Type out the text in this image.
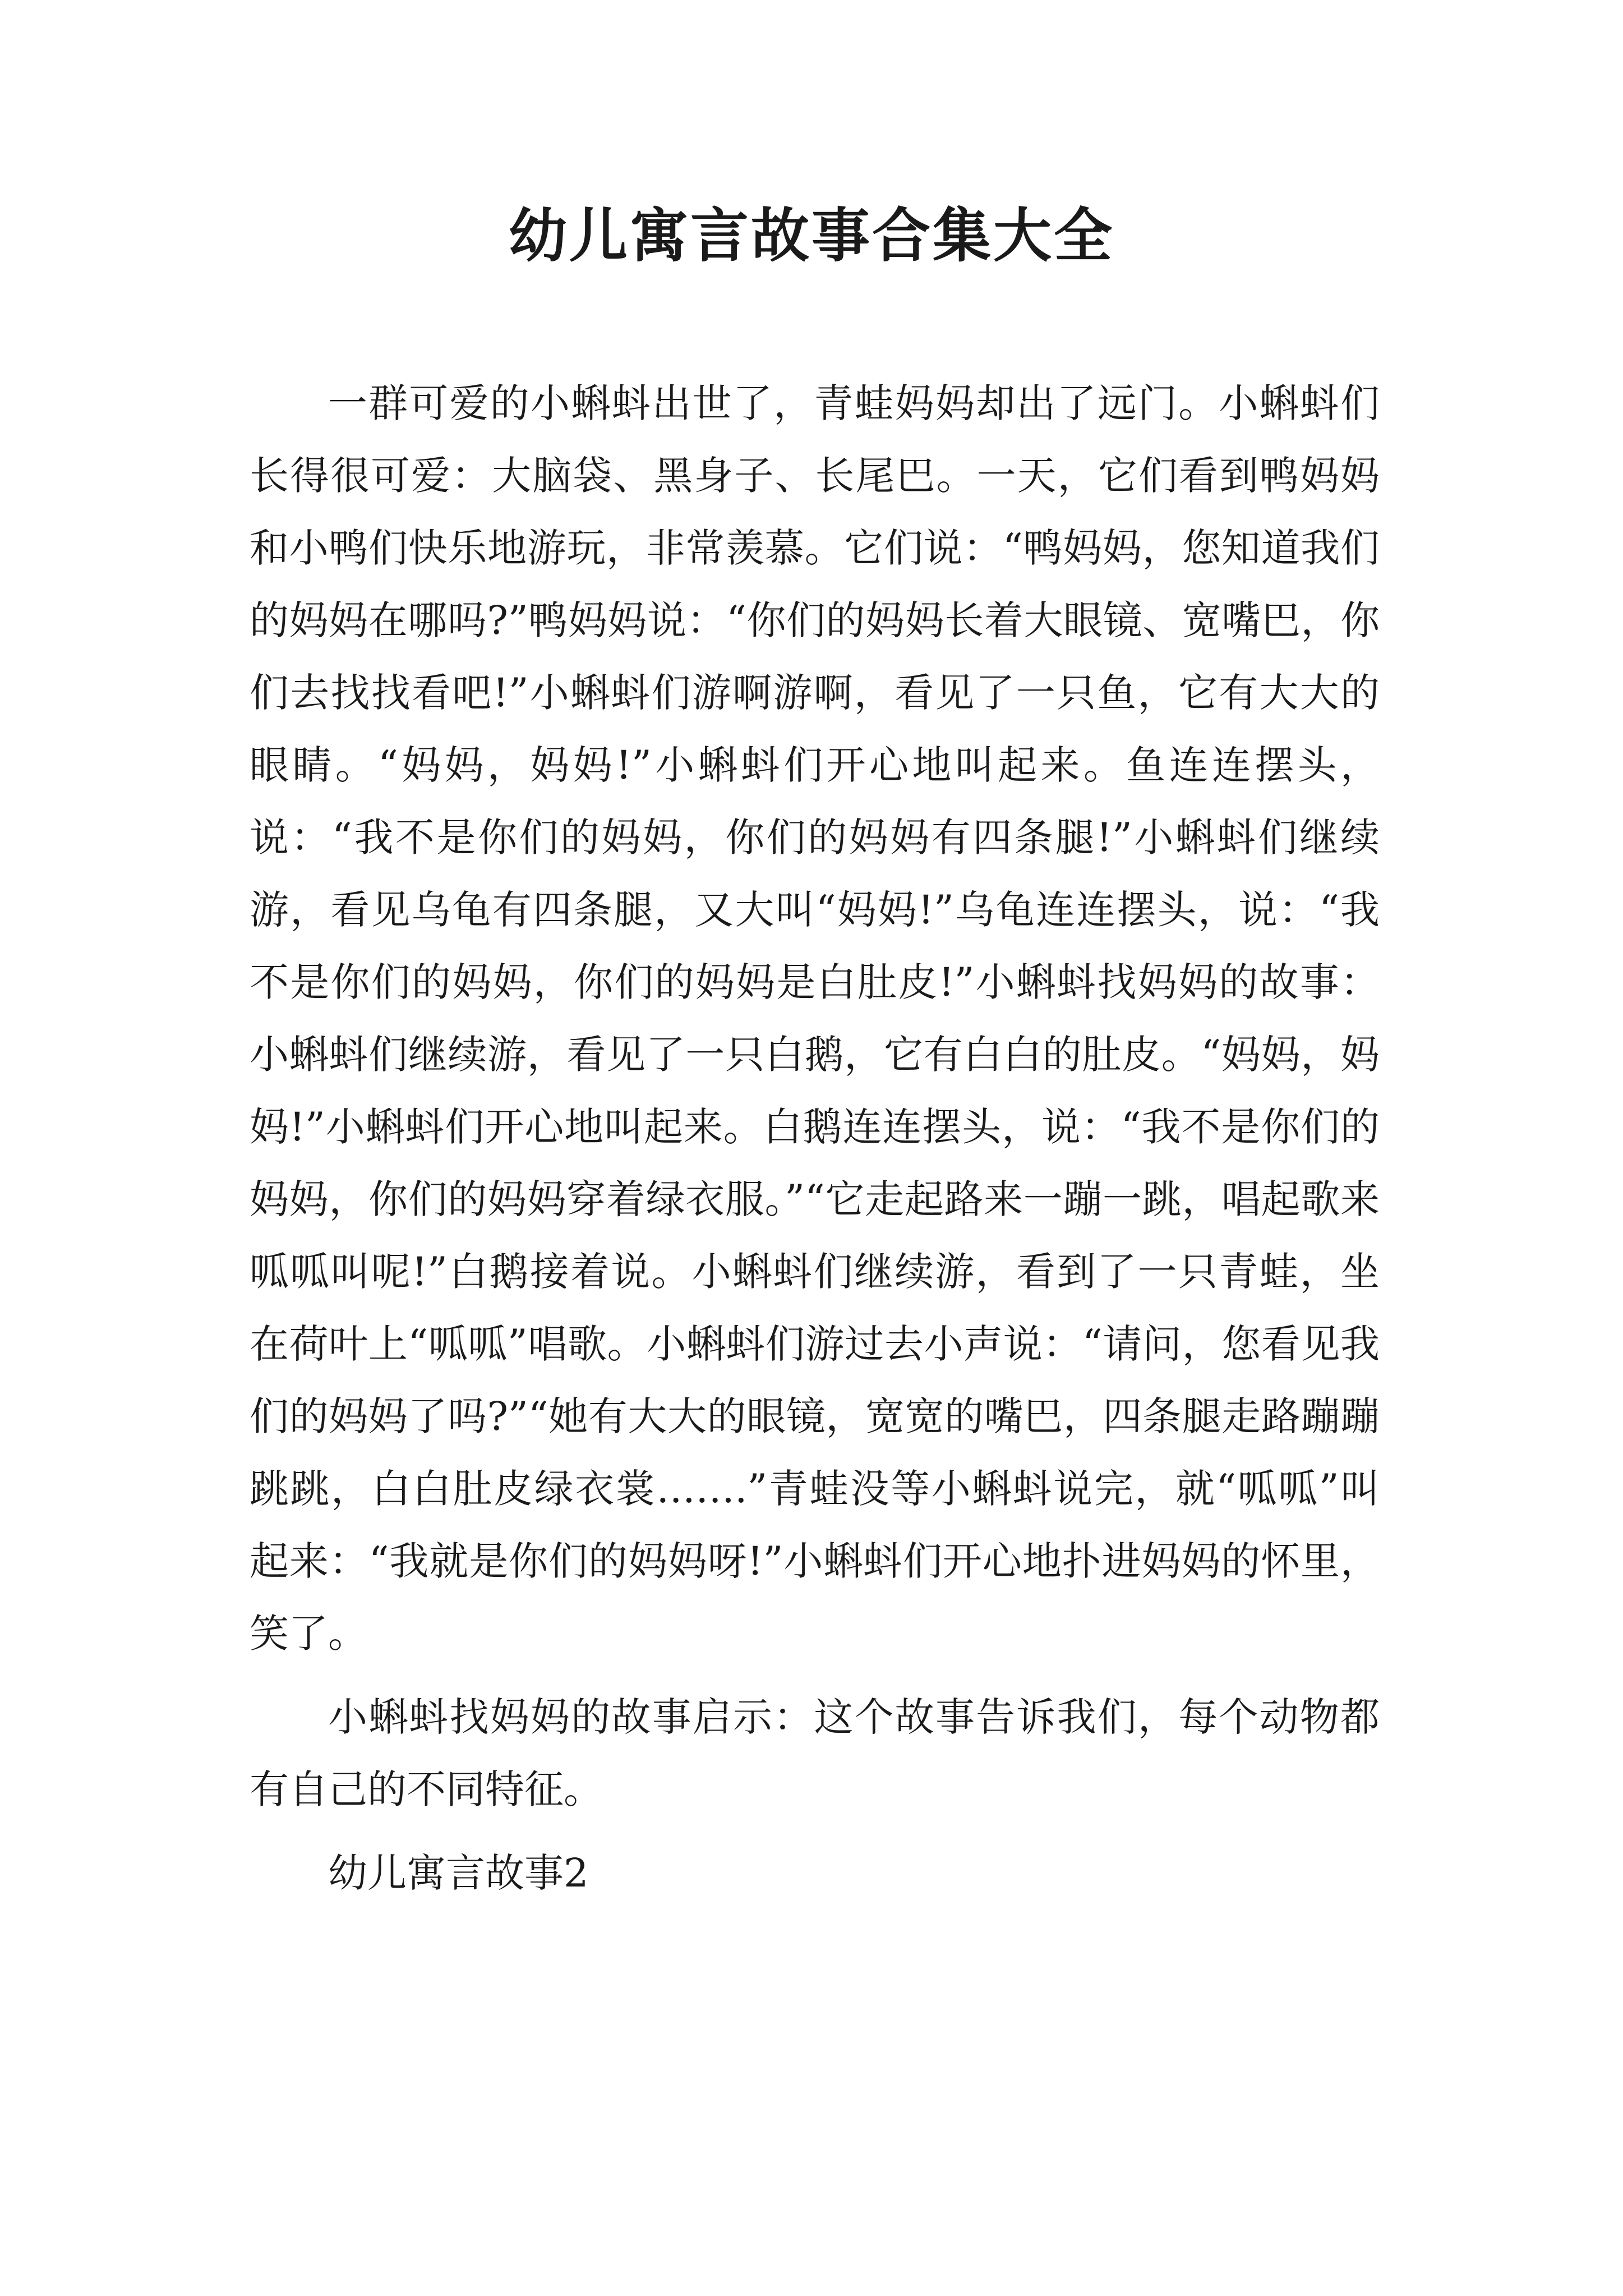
幼儿寓言故事合集大全

一群可爱的小蝌蚪出世了，青蛙妈妈却出了远门。小蝌蚪们长得很可爱：大脑袋、黑身子、长尾巴。一天，它们看到鸭妈妈和小鸭们快乐地游玩，非常羡慕。它们说：“鸭妈妈，您知道我们的妈妈在哪吗?”鸭妈妈说：“你们的妈妈长着大眼镜、宽嘴巴，你们去找找看吧!”小蝌蚪们游啊游啊，看见了一只鱼，它有大大的眼睛。“妈妈，妈妈!”小蝌蚪们开心地叫起来。鱼连连摆头，说：“我不是你们的妈妈，你们的妈妈有四条腿!”小蝌蚪们继续游，看见乌龟有四条腿，又大叫“妈妈!”乌龟连连摆头，说：“我不是你们的妈妈，你们的妈妈是白肚皮!”小蝌蚪找妈妈的故事：小蝌蚪们继续游，看见了一只白鹅，它有白白的肚皮。“妈妈，妈妈!”小蝌蚪们开心地叫起来。白鹅连连摆头，说：“我不是你们的妈妈，你们的妈妈穿着绿衣服。”“它走起路来一蹦一跳，唱起歌来呱呱叫呢!”白鹅接着说。小蝌蚪们继续游，看到了一只青蛙，坐在荷叶上“呱呱”唱歌。小蝌蚪们游过去小声说：“请问，您看见我们的妈妈了吗?”“她有大大的眼镜，宽宽的嘴巴，四条腿走路蹦蹦跳跳，白白肚皮绿衣裳…….”青蛙没等小蝌蚪说完，就“呱呱”叫起来：“我就是你们的妈妈呀!”小蝌蚪们开心地扑进妈妈的怀里，笑了。

小蝌蚪找妈妈的故事启示：这个故事告诉我们，每个动物都有自己的不同特征。

幼儿寓言故事2
